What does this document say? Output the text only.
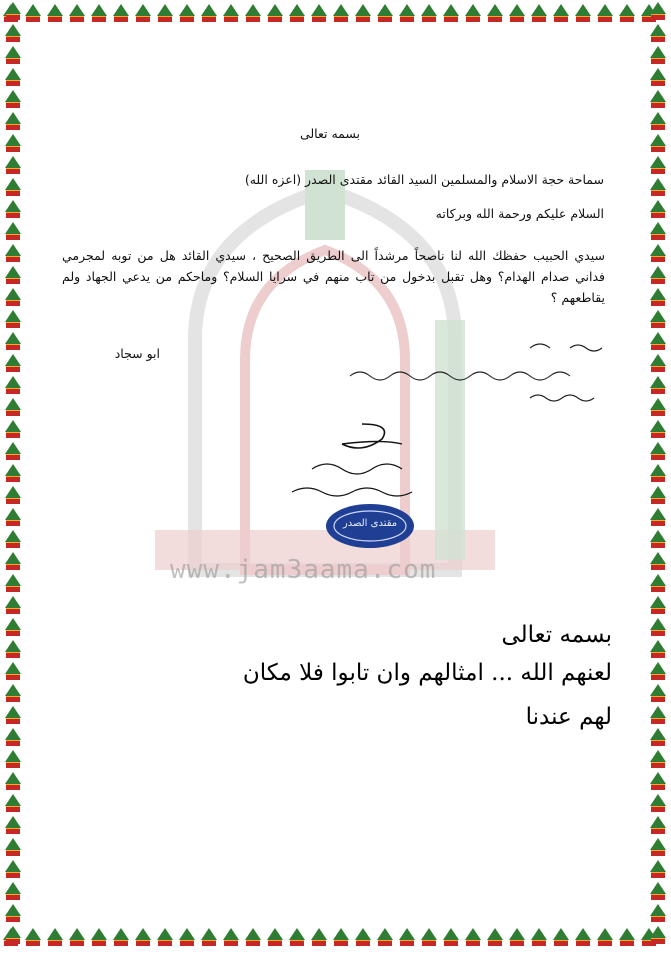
www.jam3aama.com
بسمه تعالى
سماحة حجة الاسلام والمسلمين السيد القائد مقتدى الصدر (اعزه الله)
السلام عليكم ورحمة الله وبركاته
سيدي الحبيب حفظك الله لنا ناصحاً مرشداً الى الطريق الصحيح ، سيدي القائد هل من توبه لمجرمي فداني صدام الهدام؟ وهل تقبل بدخول من تاب منهم في سرايا السلام؟ وماحكم من يدعي الجهاد ولم يقاطعهم ؟
ابو سجاد
مقتدى الصدر
بسمه تعالى
لعنهم الله ... امثالهم وان تابوا فلا مكان
لهم عندنا
